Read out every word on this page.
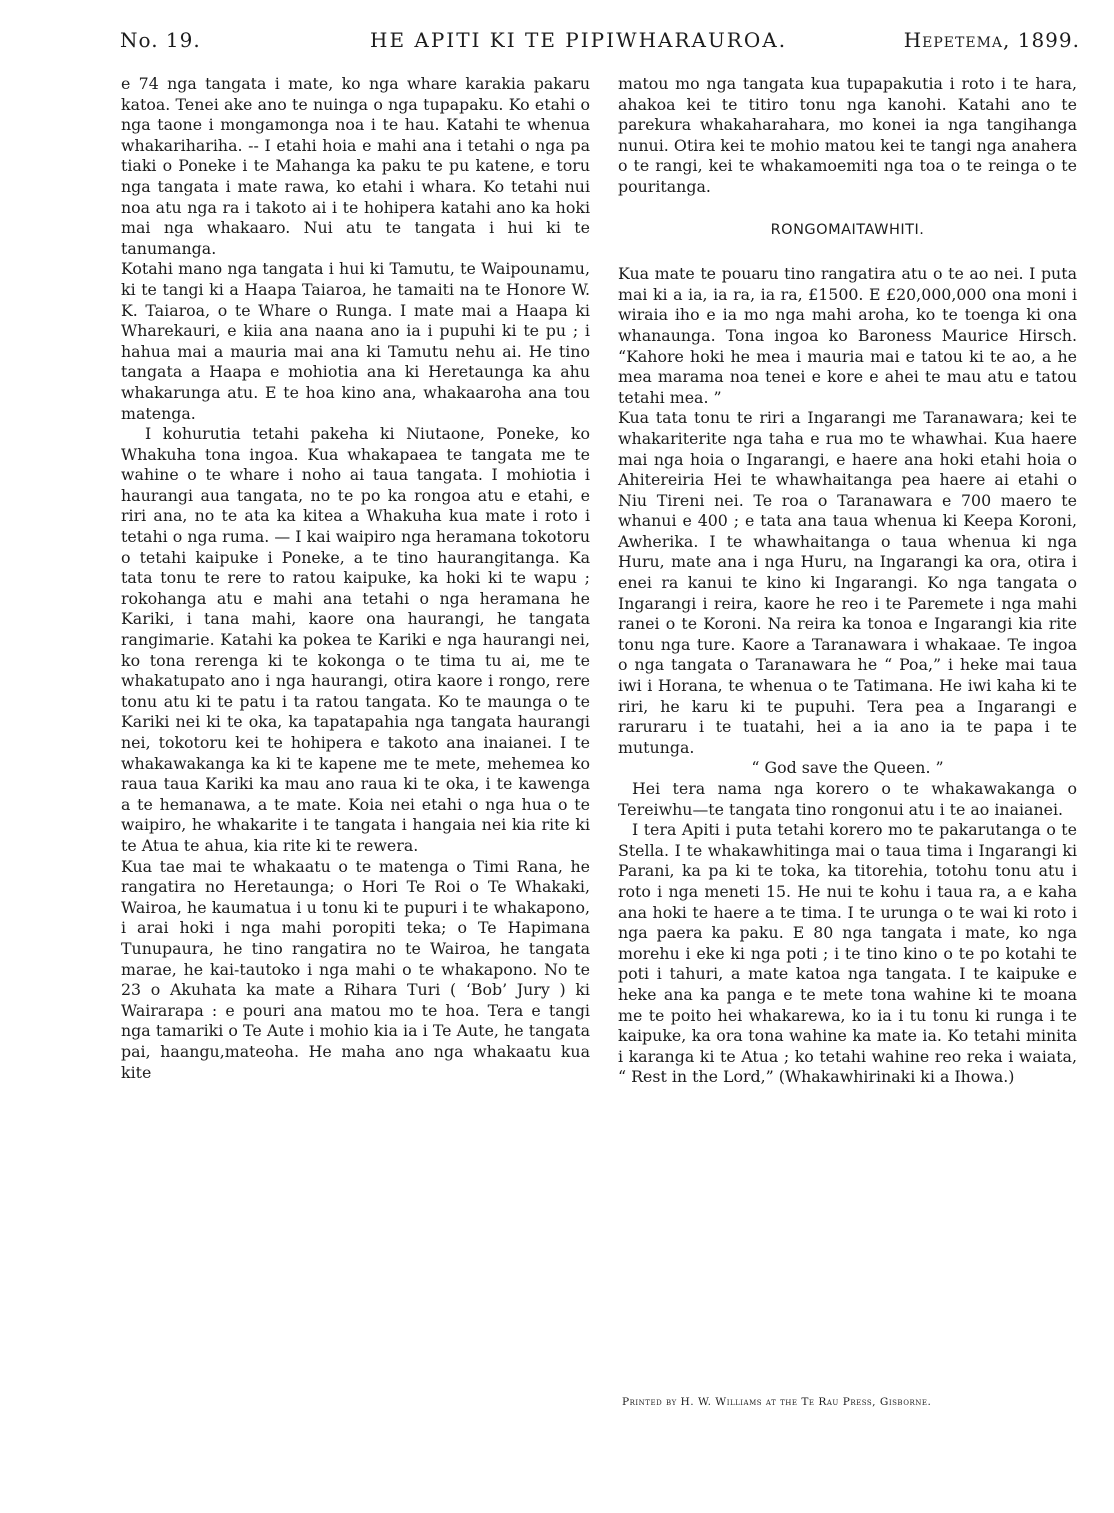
No. 19.	HE APITI KI TE PIPIWHARAUROA.	Hepetema, 1899.

e 74 nga tangata i mate, ko nga whare karakia pakaru katoa. Tenei ake ano te nuinga o nga tupapaku. Ko etahi o nga taone i mongamonga noa i te hau. Katahi te whenua whakarihariha. -- I etahi hoia e mahi ana i tetahi o nga pa tiaki o Poneke i te Mahanga ka paku te pu katene, e toru nga tangata i mate rawa, ko etahi i whara. Ko tetahi nui noa atu nga ra i takoto ai i te hohipera katahi ano ka hoki mai nga whakaaro. Nui atu te tangata i hui ki te tanumanga.

Kotahi mano nga tangata i hui ki Tamutu, te Waipounamu, ki te tangi ki a Haapa Taiaroa, he tamaiti na te Honore W. K. Taiaroa, o te Whare o Runga. I mate mai a Haapa ki Wharekauri, e kiia ana naana ano ia i pupuhi ki te pu ; i hahua mai a mauria mai ana ki Tamutu nehu ai. He tino tangata a Haapa e mohiotia ana ki Heretaunga ka ahu whakarunga atu. E te hoa kino ana, whakaaroha ana tou matenga.

I kohurutia tetahi pakeha ki Niutaone, Poneke, ko Whakuha tona ingoa. Kua whakapaea te tangata me te wahine o te whare i noho ai taua tangata. I mohiotia i haurangi aua tangata, no te po ka rongoa atu e etahi, e riri ana, no te ata ka kitea a Whakuha kua mate i roto i tetahi o nga ruma. — I kai waipiro nga heramana tokotoru o tetahi kaipuke i Poneke, a te tino haurangitanga. Ka tata tonu te rere to ratou kaipuke, ka hoki ki te wapu ; rokohanga atu e mahi ana tetahi o nga heramana he Kariki, i tana mahi, kaore ona haurangi, he tangata rangimarie. Katahi ka pokea te Kariki e nga haurangi nei, ko tona rerenga ki te kokonga o te tima tu ai, me te whakatupato ano i nga haurangi, otira kaore i rongo, rere tonu atu ki te patu i ta ratou tangata. Ko te maunga o te Kariki nei ki te oka, ka tapatapahia nga tangata haurangi nei, tokotoru kei te hohipera e takoto ana inaianei. I te whakawakanga ka ki te kapene me te mete, mehemea ko raua taua Kariki ka mau ano raua ki te oka, i te kawenga a te hemanawa, a te mate. Koia nei etahi o nga hua o te waipiro, he whakarite i te tangata i hangaia nei kia rite ki te Atua te ahua, kia rite ki te rewera.

Kua tae mai te whakaatu o te matenga o Timi Rana, he rangatira no Heretaunga; o Hori Te Roi o Te Whakaki, Wairoa, he kaumatua i u tonu ki te pupuri i te whakapono, i arai hoki i nga mahi poropiti teka; o Te Hapimana Tunupaura, he tino rangatira no te Wairoa, he tangata marae, he kai-tautoko i nga mahi o te whakapono. No te 23 o Akuhata ka mate a Rihara Turi ( ‘Bob’ Jury ) ki Wairarapa : e pouri ana matou mo te hoa. Tera e tangi nga tamariki o Te Aute i mohio kia ia i Te Aute, he tangata pai, haangu,mateoha. He maha ano nga whakaatu kua kite

matou mo nga tangata kua tupapakutia i roto i te hara, ahakoa kei te titiro tonu nga kanohi. Katahi ano te parekura whakaharahara, mo konei ia nga tangihanga nunui. Otira kei te mohio matou kei te tangi nga anahera o te rangi, kei te whakamoemiti nga toa o te reinga o te pouritanga.

RONGOMAITAWHITI.

Kua mate te pouaru tino rangatira atu o te ao nei. I puta mai ki a ia, ia ra, ia ra, £1500. E £20,000,000 ona moni i wiraia iho e ia mo nga mahi aroha, ko te toenga ki ona whanaunga. Tona ingoa ko Baroness Maurice Hirsch. “Kahore hoki he mea i mauria mai e tatou ki te ao, a he mea marama noa tenei e kore e ahei te mau atu e tatou tetahi mea. ”

Kua tata tonu te riri a Ingarangi me Taranawara; kei te whakariterite nga taha e rua mo te whawhai. Kua haere mai nga hoia o Ingarangi, e haere ana hoki etahi hoia o Ahitereiria Hei te whawhaitanga pea haere ai etahi o Niu Tireni nei. Te roa o Taranawara e 700 maero te whanui e 400 ; e tata ana taua whenua ki Keepa Koroni, Awherika. I te whawhaitanga o taua whenua ki nga Huru, mate ana i nga Huru, na Ingarangi ka ora, otira i enei ra kanui te kino ki Ingarangi. Ko nga tangata o Ingarangi i reira, kaore he reo i te Paremete i nga mahi ranei o te Koroni. Na reira ka tonoa e Ingarangi kia rite tonu nga ture. Kaore a Taranawara i whakaae. Te ingoa o nga tangata o Taranawara he “ Poa,” i heke mai taua iwi i Horana, te whenua o te Tatimana. He iwi kaha ki te riri, he karu ki te pupuhi. Tera pea a Ingarangi e raruraru i te tuatahi, hei a ia ano ia te papa i te mutunga.

“ God save the Queen. ”

Hei tera nama nga korero o te whakawakanga o Tereiwhu—te tangata tino rongonui atu i te ao inaianei.

I tera Apiti i puta tetahi korero mo te pakarutanga o te Stella. I te whakawhitinga mai o taua tima i Ingarangi ki Parani, ka pa ki te toka, ka titorehia, totohu tonu atu i roto i nga meneti 15. He nui te kohu i taua ra, a e kaha ana hoki te haere a te tima. I te urunga o te wai ki roto i nga paera ka paku. E 80 nga tangata i mate, ko nga morehu i eke ki nga poti ; i te tino kino o te po kotahi te poti i tahuri, a mate katoa nga tangata. I te kaipuke e heke ana ka panga e te mete tona wahine ki te moana me te poito hei whakarewa, ko ia i tu tonu ki runga i te kaipuke, ka ora tona wahine ka mate ia. Ko tetahi minita i karanga ki te Atua ; ko tetahi wahine reo reka i waiata, “ Rest in the Lord,” (Whakawhirinaki ki a Ihowa.)

Printed by H. W. Williams at the Te Rau Press, Gisborne.
